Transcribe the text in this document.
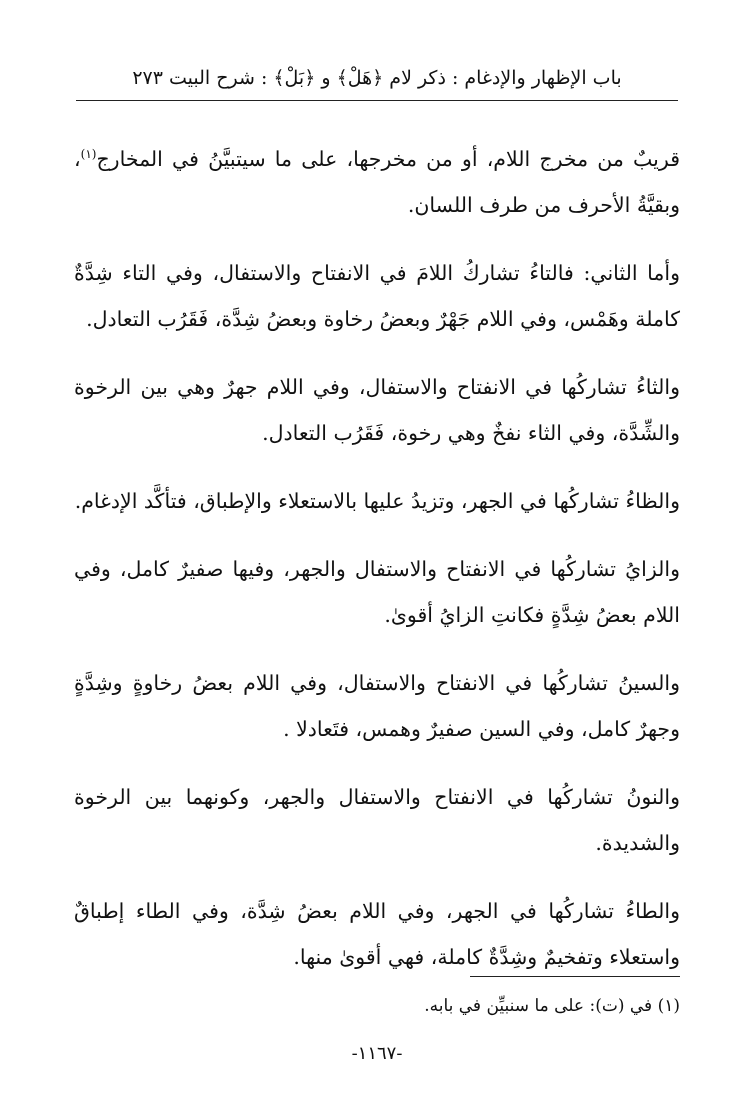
باب الإظهار والإدغام : ذكر لام ﴿هَلْ﴾ و ﴿بَلْ﴾ : شرح البيت ٢٧٣

قريبٌ من مخرج اللام، أو من مخرجها، على ما سيتبيَّنُ في المخارج$^{(١)}$، وبقيَّةُ الأحرف من طرف اللسان.

وأما الثاني: فالتاءُ تشاركُ اللامَ في الانفتاح والاستفال، وفي التاء شِدَّةٌ كاملة وهَمْس، وفي اللام جَهْرٌ وبعضُ رخاوة وبعضُ شِدَّة، فَقَرُب التعادل.

والثاءُ تشاركُها في الانفتاح والاستفال، وفي اللام جهرٌ وهي بين الرخوة والشِّدَّة، وفي الثاء نفخٌ وهي رخوة، فَقَرُب التعادل.

والظاءُ تشاركُها في الجهر، وتزيدُ عليها بالاستعلاء والإطباق، فتأكَّد الإدغام.

والزايُ تشاركُها في الانفتاح والاستفال والجهر، وفيها صفيرٌ كامل، وفي اللام بعضُ شِدَّةٍ فكانتِ الزايُ أقوىٰ.

والسينُ تشاركُها في الانفتاح والاستفال، وفي اللام بعضُ رخاوةٍ وشِدَّةٍ وجهرٌ كامل، وفي السين صفيرٌ وهمس، فتَعادلا .

والنونُ تشاركُها في الانفتاح والاستفال والجهر، وكونهما بين الرخوة والشديدة.

والطاءُ تشاركُها في الجهر، وفي اللام بعضُ شِدَّة، وفي الطاء إطباقٌ واستعلاء وتفخيمٌ وشِدَّةٌ كاملة، فهي أقوىٰ منها.

(١) في (ت): على ما سنبيِّن في بابه.
-١١٦٧-
